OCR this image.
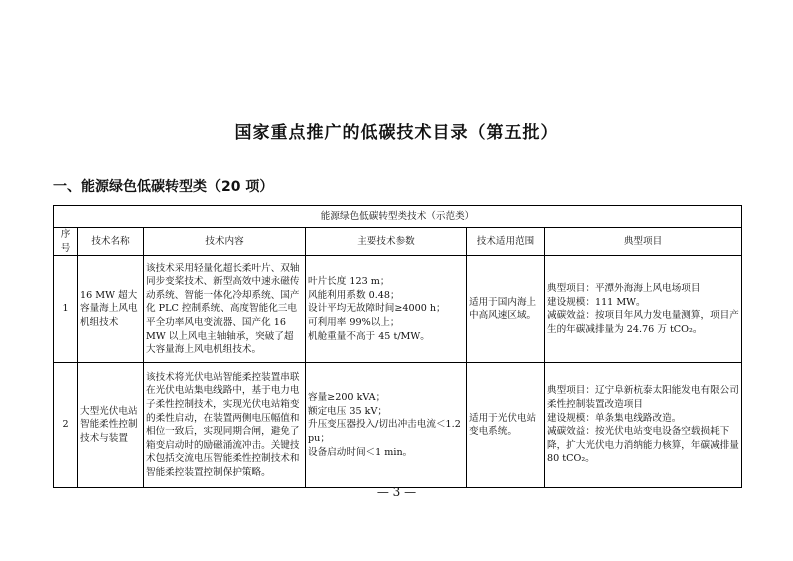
国家重点推广的低碳技术目录（第五批）
一、能源绿色低碳转型类（20 项）
能源绿色低碳转型类技术（示范类）					
序号	技术名称	技术内容	主要技术参数	技术适用范围	典型项目
1	16 MW 超大容量海上风电机组技术	该技术采用轻量化超长柔叶片、双轴同步变桨技术、新型高效中速永磁传动系统、智能一体化冷却系统、国产化 PLC 控制系统、高度智能化三电平全功率风电变流器、国产化 16 MW 以上风电主轴轴承，突破了超大容量海上风电机组技术。	叶片长度 123 m；
风能利用系数 0.48；
设计平均无故障时间≥4000 h；
可利用率 99%以上；
机舱重量不高于 45 t/MW。	适用于国内海上中高风速区域。	典型项目：平潭外海海上风电场项目
建设规模：111 MW。
减碳效益：按项目年风力发电量测算，项目产生的年碳减排量为 24.76 万 tCO₂。

2	大型光伏电站智能柔性控制技术与装置	该技术将光伏电站智能柔控装置串联在光伏电站集电线路中，基于电力电子柔性控制技术，实现光伏电站箱变的柔性启动，在装置两侧电压幅值和相位一致后，实现同期合闸，避免了箱变启动时的励磁涌流冲击。关键技术包括交流电压智能柔性控制技术和智能柔控装置控制保护策略。	容量≥200 kVA；
额定电压 35 kV；
升压变压器投入/切出冲击电流＜1.2 pu；
设备启动时间＜1 min。	适用于光伏电站变电系统。	典型项目：辽宁阜新杭泰太阳能发电有限公司柔性控制装置改造项目
建设规模：单条集电线路改造。
减碳效益：按光伏电站变电设备空载损耗下降，扩大光伏电力消纳能力核算，年碳减排量 80 tCO₂。
— 3 —
